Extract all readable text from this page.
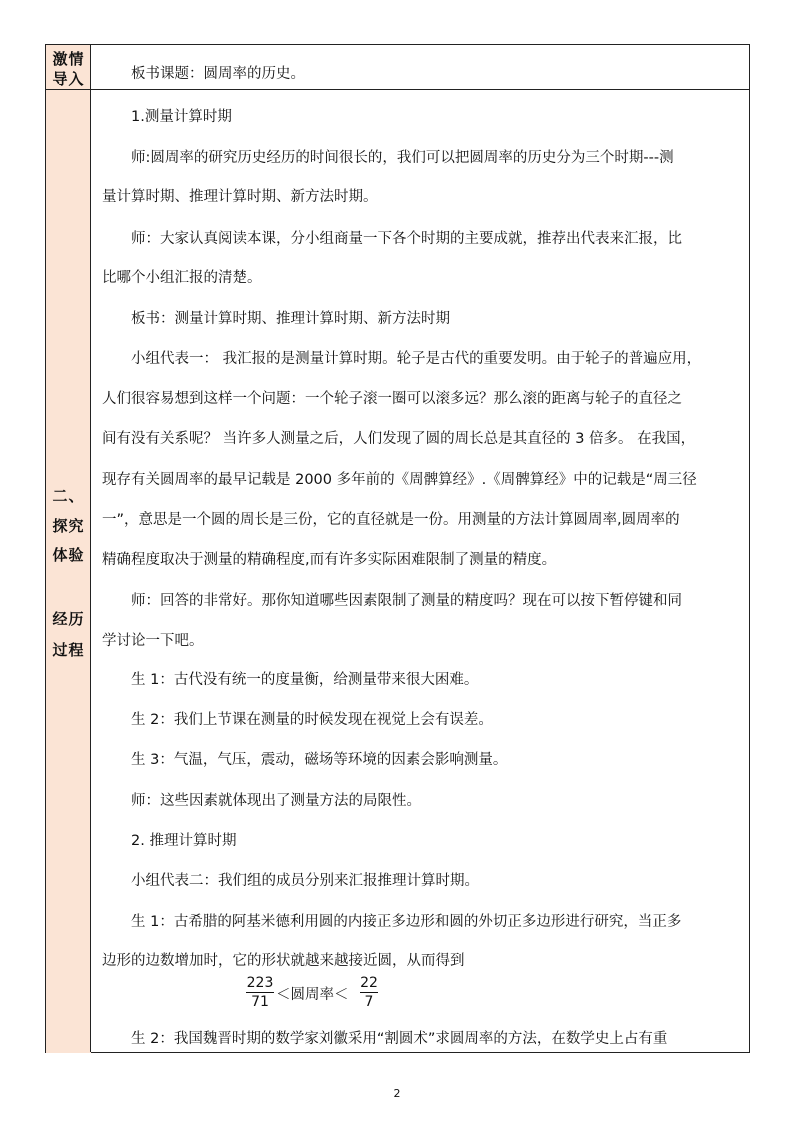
激情
导入
二、
探究
体验
经历
过程
板书课题：圆周率的历史。
1.测量计算时期
师:圆周率的研究历史经历的时间很长的，我们可以把圆周率的历史分为三个时期---测
量计算时期、推理计算时期、新方法时期。
师：大家认真阅读本课，分小组商量一下各个时期的主要成就，推荐出代表来汇报，比
比哪个小组汇报的清楚。
板书：测量计算时期、推理计算时期、新方法时期
小组代表一： 我汇报的是测量计算时期。轮子是古代的重要发明。由于轮子的普遍应用，
人们很容易想到这样一个问题：一个轮子滚一圈可以滚多远？那么滚的距离与轮子的直径之
间有没有关系呢？ 当许多人测量之后，人们发现了圆的周长总是其直径的 3 倍多。 在我国，
现存有关圆周率的最早记载是 2000 多年前的《周髀算经》.《周髀算经》中的记载是“周三径
一”，意思是一个圆的周长是三份，它的直径就是一份。用测量的方法计算圆周率,圆周率的
精确程度取决于测量的精确程度,而有许多实际困难限制了测量的精度。
师：回答的非常好。那你知道哪些因素限制了测量的精度吗？现在可以按下暂停键和同
学讨论一下吧。
生 1：古代没有统一的度量衡，给测量带来很大困难。
生 2：我们上节课在测量的时候发现在视觉上会有误差。
生 3：气温，气压，震动，磁场等环境的因素会影响测量。
师：这些因素就体现出了测量方法的局限性。
2. 推理计算时期
小组代表二：我们组的成员分别来汇报推理计算时期。
生 1：古希腊的阿基米德利用圆的内接正多边形和圆的外切正多边形进行研究，当正多
边形的边数增加时，它的形状就越来越接近圆，从而得到
223
71 ＜圆周率＜
22
7
生 2：我国魏晋时期的数学家刘徽采用“割圆术”求圆周率的方法，在数学史上占有重
2
